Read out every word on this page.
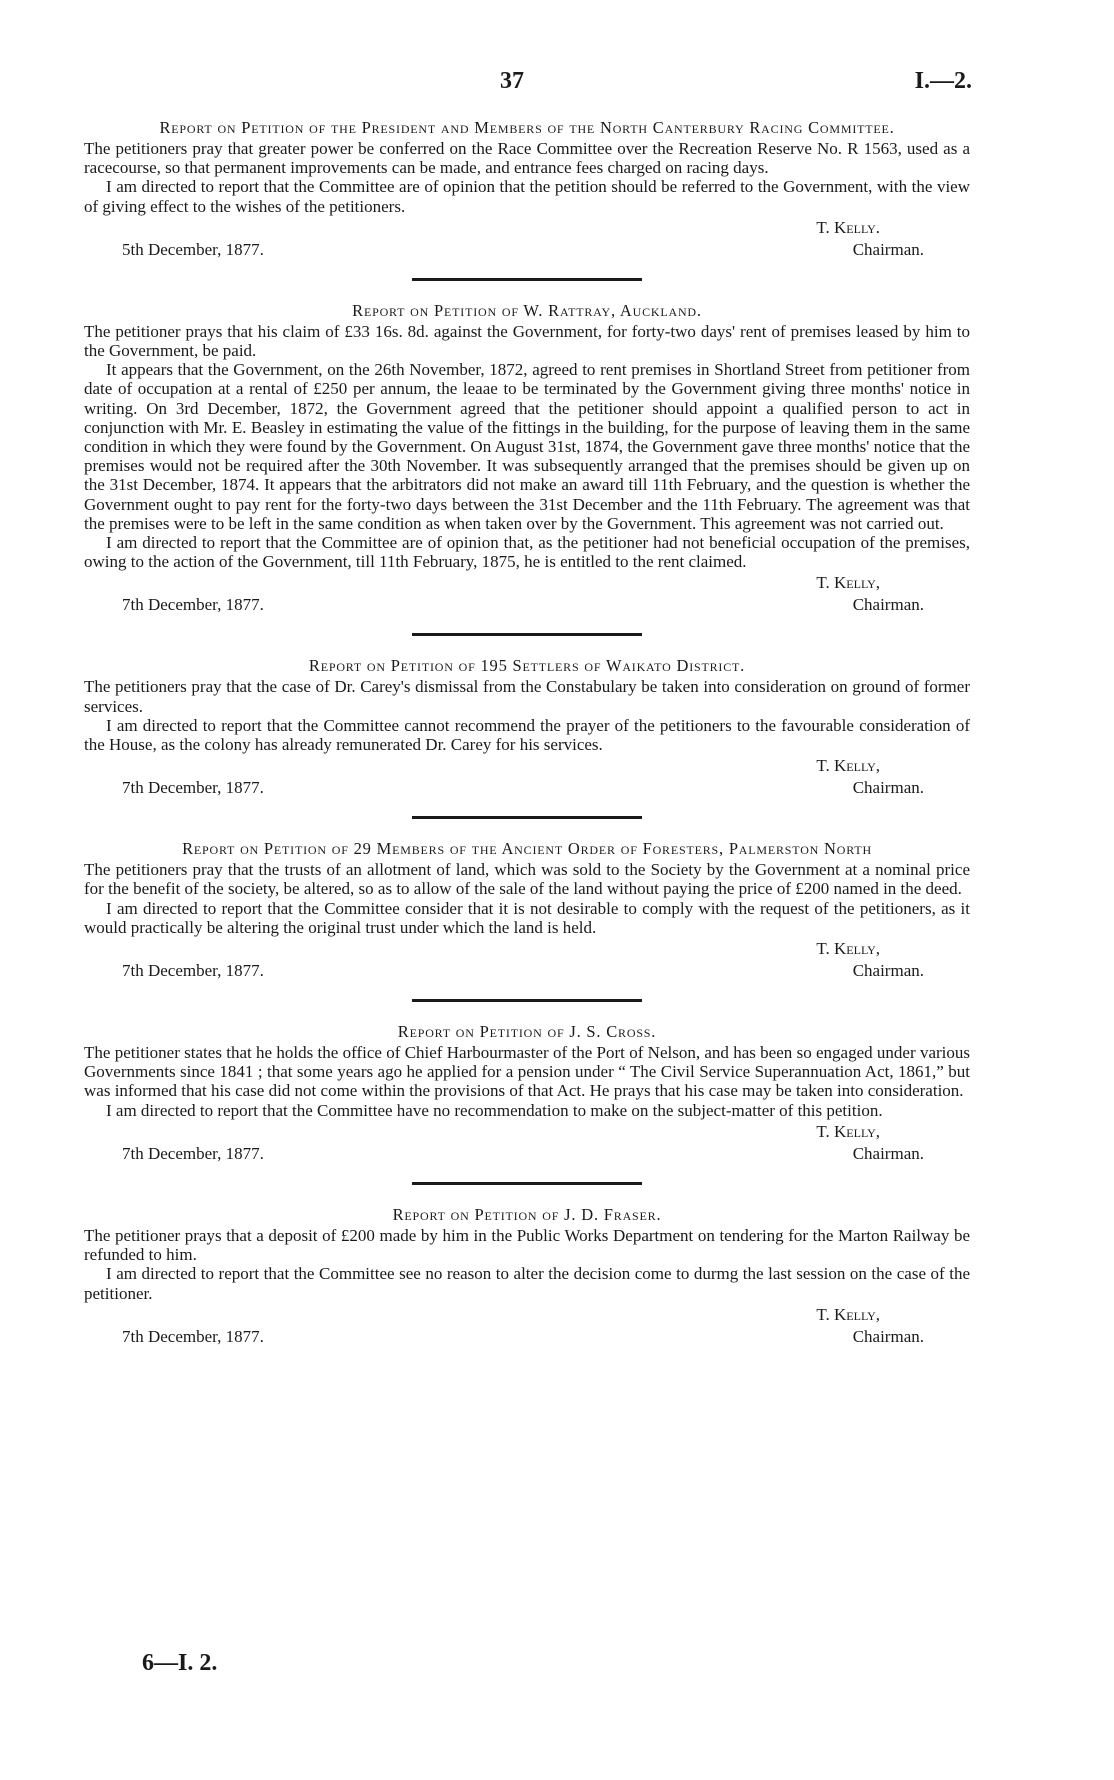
37	I.—2.
Report on Petition of the President and Members of the North Canterbury Racing Committee.

The petitioners pray that greater power be conferred on the Race Committee over the Recreation Reserve No. R 1563, used as a racecourse, so that permanent improvements can be made, and entrance fees charged on racing days.

I am directed to report that the Committee are of opinion that the petition should be referred to the Government, with the view of giving effect to the wishes of the petitioners.

T. Kelly.
5th December, 1877.	Chairman.
Report on Petition of W. Rattray, Auckland.

The petitioner prays that his claim of £33 16s. 8d. against the Government, for forty-two days' rent of premises leased by him to the Government, be paid.

It appears that the Government, on the 26th November, 1872, agreed to rent premises in Shortland Street from petitioner from date of occupation at a rental of £250 per annum, the leaae to be terminated by the Government giving three months' notice in writing. On 3rd December, 1872, the Government agreed that the petitioner should appoint a qualified person to act in conjunction with Mr. E. Beasley in estimating the value of the fittings in the building, for the purpose of leaving them in the same condition in which they were found by the Government. On August 31st, 1874, the Government gave three months' notice that the premises would not be required after the 30th November. It was subsequently arranged that the premises should be given up on the 31st December, 1874. It appears that the arbitrators did not make an award till 11th February, and the question is whether the Government ought to pay rent for the forty-two days between the 31st December and the 11th February. The agreement was that the premises were to be left in the same condition as when taken over by the Government. This agreement was not carried out.

I am directed to report that the Committee are of opinion that, as the petitioner had not beneficial occupation of the premises, owing to the action of the Government, till 11th February, 1875, he is entitled to the rent claimed.

T. Kelly,
7th December, 1877.	Chairman.
Report on Petition of 195 Settlers of Waikato District.

The petitioners pray that the case of Dr. Carey's dismissal from the Constabulary be taken into consideration on ground of former services.

I am directed to report that the Committee cannot recommend the prayer of the petitioners to the favourable consideration of the House, as the colony has already remunerated Dr. Carey for his services.

T. Kelly,
7th December, 1877.	Chairman.
Report on Petition of 29 Members of the Ancient Order of Foresters, Palmerston North

The petitioners pray that the trusts of an allotment of land, which was sold to the Society by the Government at a nominal price for the benefit of the society, be altered, so as to allow of the sale of the land without paying the price of £200 named in the deed.

I am directed to report that the Committee consider that it is not desirable to comply with the request of the petitioners, as it would practically be altering the original trust under which the land is held.

T. Kelly,
7th December, 1877.	Chairman.
Report on Petition of J. S. Cross.

The petitioner states that he holds the office of Chief Harbourmaster of the Port of Nelson, and has been so engaged under various Governments since 1841 ; that some years ago he applied for a pension under “ The Civil Service Superannuation Act, 1861,” but was informed that his case did not come within the provisions of that Act. He prays that his case may be taken into consideration.

I am directed to report that the Committee have no recommendation to make on the subject-matter of this petition.

T. Kelly,
7th December, 1877.	Chairman.
Report on Petition of J. D. Fraser.

The petitioner prays that a deposit of £200 made by him in the Public Works Department on tendering for the Marton Railway be refunded to him.

I am directed to report that the Committee see no reason to alter the decision come to durmg the last session on the case of the petitioner.

T. Kelly,
7th December, 1877.	Chairman.
6—I. 2.
